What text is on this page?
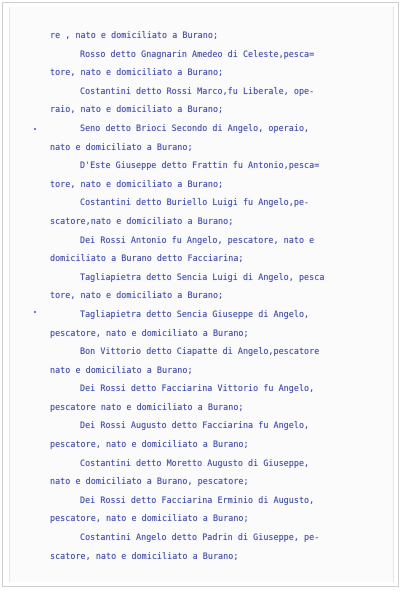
re , nato e domiciliato a Burano;
Rosso detto Gnagnarin Amedeo di Celeste,pesca=
tore, nato e domiciliato a Burano;
Costantini detto Rossi Marco,fu Liberale, ope-
raio, nato e domiciliato a Burano;
Seno detto Brioci Secondo di Angelo, operaio,
nato e domiciliato a Burano;
D'Este Giuseppe detto Frattin fu Antonio,pesca=
tore, nato e domiciliato a Burano;
Costantini detto Buriello Luigi fu Angelo,pe-
scatore,nato e domiciliato a Burano;
Dei Rossi Antonio fu Angelo, pescatore, nato e
domiciliato a Burano detto Facciarina;
Tagliapietra detto Sencia Luigi di Angelo, pesca
tore, nato e domiciliato a Burano;
Tagliapietra detto Sencia Giuseppe di Angelo,
pescatore, nato e domiciliato a Burano;
Bon Vittorio detto Ciapatte di Angelo,pescatore
nato e domiciliato a Burano;
Dei Rossi detto Facciarina Vittorio fu Angelo,
pescatore nato e domiciliato a Burano;
Dei Rossi Augusto detto Facciarina fu Angelo,
pescatore, nato e domiciliato a Burano;
Costantini detto Moretto Augusto di Giuseppe,
nato e domiciliato a Burano, pescatore;
Dei Rossi detto Facciarina Erminio di Augusto,
pescatore, nato e domiciliato a Burano;
Costantini Angelo detto Padrin di Giuseppe, pe-
scatore, nato e domiciliato a Burano;
